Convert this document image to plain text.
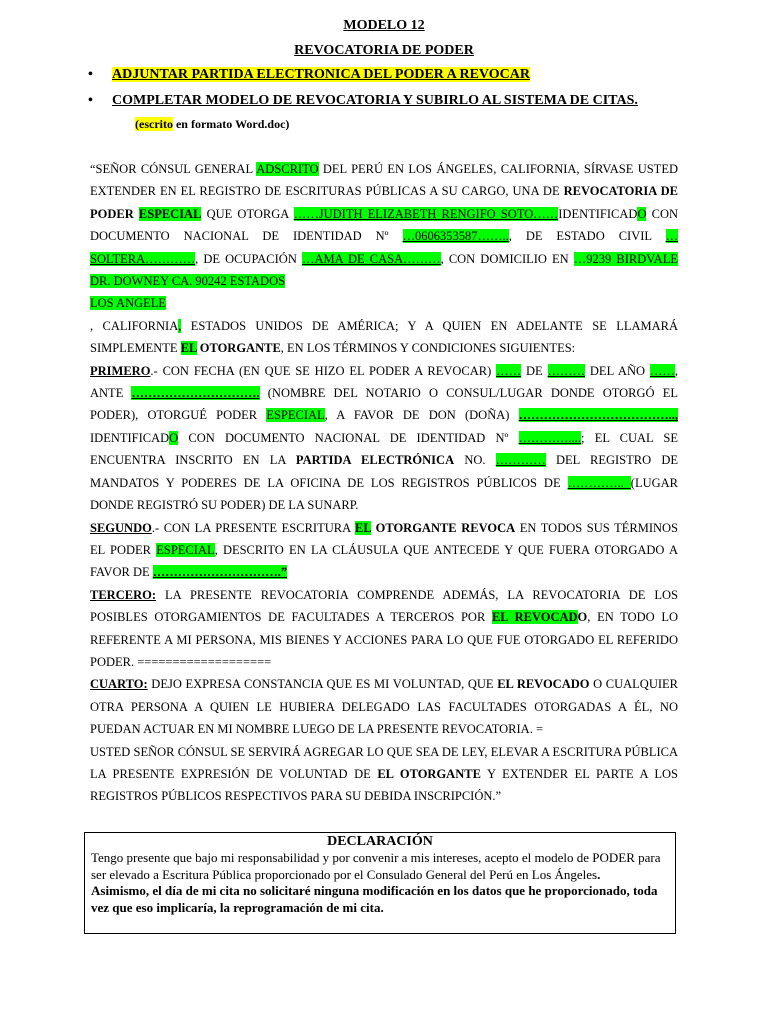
MODELO 12
REVOCATORIA DE PODER
• ADJUNTAR PARTIDA ELECTRONICA DEL PODER A REVOCAR
• COMPLETAR MODELO DE REVOCATORIA Y SUBIRLO AL SISTEMA DE CITAS.
(escrito en formato Word.doc)

“SEÑOR CÓNSUL GENERAL ADSCRITO DEL PERÚ EN LOS ÁNGELES, CALIFORNIA, SÍRVASE USTED EXTENDER EN EL REGISTRO DE ESCRITURAS PÚBLICAS A SU CARGO, UNA DE REVOCATORIA DE PODER ESPECIAL QUE OTORGA ……JUDITH ELIZABETH RENGIFO SOTO……IDENTIFICADO CON DOCUMENTO NACIONAL DE IDENTIDAD Nº …0606353587…….., DE ESTADO CIVIL …SOLTERA…………, DE OCUPACIÓN …AMA DE CASA………, CON DOMICILIO EN …9239 BIRDVALE DR. DOWNEY CA. 90242 ESTADOS

LOS ANGELE

, CALIFORNIA, ESTADOS UNIDOS DE AMÉRICA; Y A QUIEN EN ADELANTE SE LLAMARÁ SIMPLEMENTE EL OTORGANTE, EN LOS TÉRMINOS Y CONDICIONES SIGUIENTES:

PRIMERO.- CON FECHA (EN QUE SE HIZO EL PODER A REVOCAR) …… DE ……… DEL AÑO ……, ANTE …………………………. (NOMBRE DEL NOTARIO O CONSUL/LUGAR DONDE OTORGÓ EL PODER), OTORGUÉ PODER ESPECIAL, A FAVOR DE DON (DOÑA) ……………………………….., IDENTIFICADO CON DOCUMENTO NACIONAL DE IDENTIDAD Nº …………....; EL CUAL SE ENCUENTRA INSCRITO EN LA PARTIDA ELECTRÓNICA NO. ………… DEL REGISTRO DE MANDATOS Y PODERES DE LA OFICINA DE LOS REGISTROS PÚBLICOS DE ………….. (LUGAR DONDE REGISTRÓ SU PODER) DE LA SUNARP.

SEGUNDO.- CON LA PRESENTE ESCRITURA EL OTORGANTE REVOCA EN TODOS SUS TÉRMINOS EL PODER ESPECIAL, DESCRITO EN LA CLÁUSULA QUE ANTECEDE Y QUE FUERA OTORGADO A FAVOR DE ………………………….”

TERCERO: LA PRESENTE REVOCATORIA COMPRENDE ADEMÁS, LA REVOCATORIA DE LOS POSIBLES OTORGAMIENTOS DE FACULTADES A TERCEROS POR EL REVOCADO, EN TODO LO REFERENTE A MI PERSONA, MIS BIENES Y ACCIONES PARA LO QUE FUE OTORGADO EL REFERIDO PODER. ===================

CUARTO: DEJO EXPRESA CONSTANCIA QUE ES MI VOLUNTAD, QUE EL REVOCADO O CUALQUIER OTRA PERSONA A QUIEN LE HUBIERA DELEGADO LAS FACULTADES OTORGADAS A ÉL, NO PUEDAN ACTUAR EN MI NOMBRE LUEGO DE LA PRESENTE REVOCATORIA. =

USTED SEÑOR CÓNSUL SE SERVIRÁ AGREGAR LO QUE SEA DE LEY, ELEVAR A ESCRITURA PÚBLICA LA PRESENTE EXPRESIÓN DE VOLUNTAD DE EL OTORGANTE Y EXTENDER EL PARTE A LOS REGISTROS PÚBLICOS RESPECTIVOS PARA SU DEBIDA INSCRIPCIÓN.”

DECLARACIÓN

Tengo presente que bajo mi responsabilidad y por convenir a mis intereses, acepto el modelo de PODER para ser elevado a Escritura Pública proporcionado por el Consulado General del Perú en Los Ángeles.

Asimismo, el día de mi cita no solicitaré ninguna modificación en los datos que he proporcionado, toda vez que eso implicaría, la reprogramación de mi cita.
